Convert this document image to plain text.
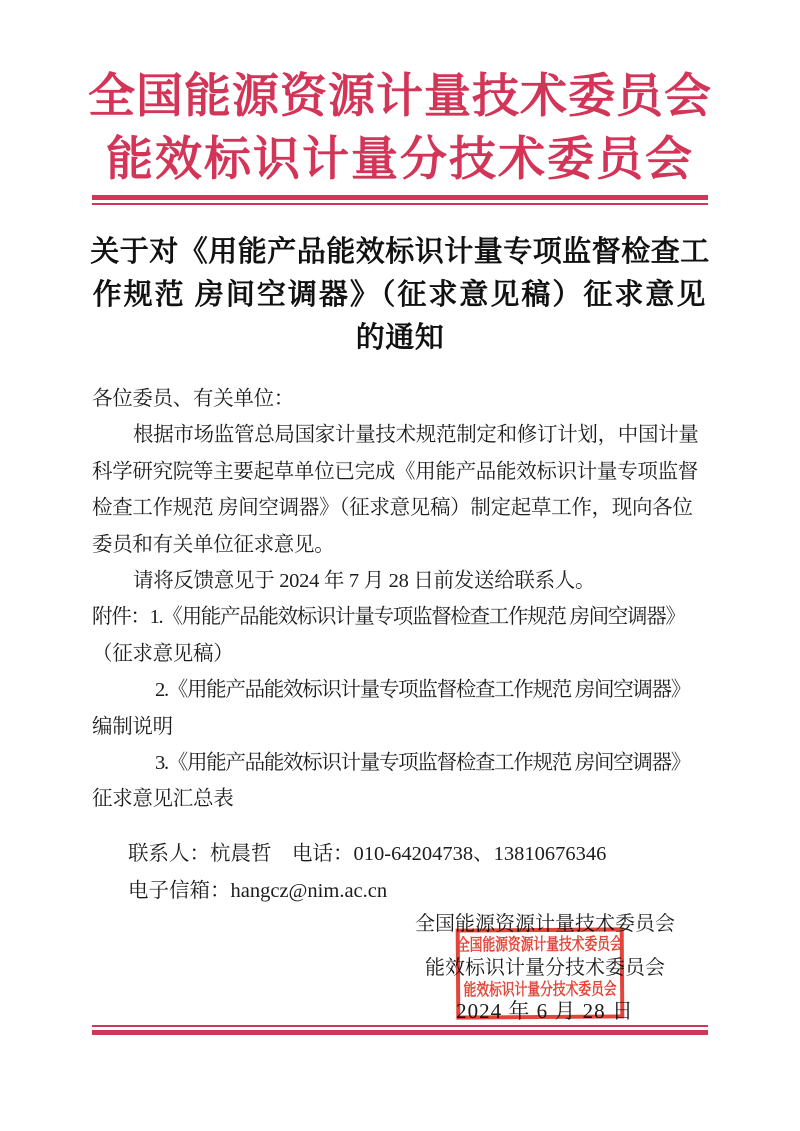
全国能源资源计量技术委员会
能效标识计量分技术委员会
关于对《用能产品能效标识计量专项监督检查工
作规范 房间空调器》（征求意见稿）征求意见
的通知
各位委员、有关单位：
根据市场监管总局国家计量技术规范制定和修订计划，中国计量
科学研究院等主要起草单位已完成《用能产品能效标识计量专项监督
检查工作规范 房间空调器》（征求意见稿）制定起草工作，现向各位
委员和有关单位征求意见。
请将反馈意见于 2024 年 7 月 28 日前发送给联系人。
附件：1.《用能产品能效标识计量专项监督检查工作规范 房间空调器》
（征求意见稿）
2.《用能产品能效标识计量专项监督检查工作规范 房间空调器》
编制说明
3.《用能产品能效标识计量专项监督检查工作规范 房间空调器》
征求意见汇总表
联系人：杭晨哲　电话：010-64204738、13810676346
电子信箱：hangcz@nim.ac.cn
全国能源资源计量技术委员会
能效标识计量分技术委员会
2024 年 6 月 28 日
全国能源资源计量技术委员会
能效标识计量分技术委员会
